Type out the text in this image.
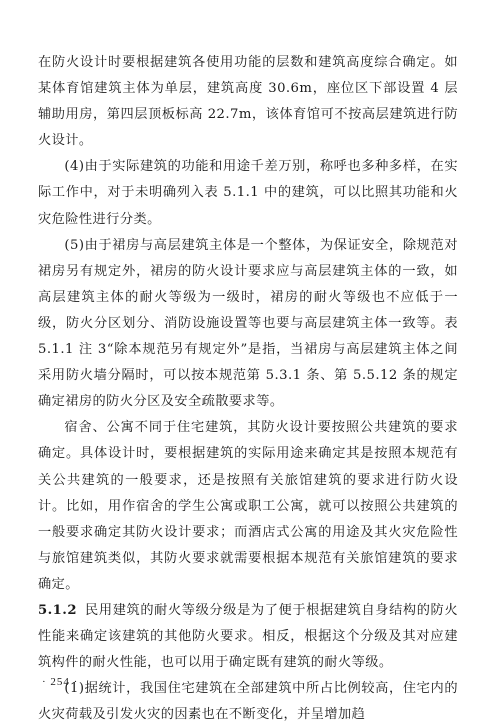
在防火设计时要根据建筑各使用功能的层数和建筑高度综合确定。如某体育馆建筑主体为单层，建筑高度 30.6m，座位区下部设置 4 层辅助用房，第四层顶板标高 22.7m，该体育馆可不按高层建筑进行防火设计。

(4)由于实际建筑的功能和用途千差万别，称呼也多种多样，在实际工作中，对于未明确列入表 5.1.1 中的建筑，可以比照其功能和火灾危险性进行分类。

(5)由于裙房与高层建筑主体是一个整体，为保证安全，除规范对裙房另有规定外，裙房的防火设计要求应与高层建筑主体的一致，如高层建筑主体的耐火等级为一级时，裙房的耐火等级也不应低于一级，防火分区划分、消防设施设置等也要与高层建筑主体一致等。表 5.1.1 注 3“除本规范另有规定外”是指，当裙房与高层建筑主体之间采用防火墙分隔时，可以按本规范第 5.3.1 条、第 5.5.12 条的规定确定裙房的防火分区及安全疏散要求等。

宿舍、公寓不同于住宅建筑，其防火设计要按照公共建筑的要求确定。具体设计时，要根据建筑的实际用途来确定其是按照本规范有关公共建筑的一般要求，还是按照有关旅馆建筑的要求进行防火设计。比如，用作宿舍的学生公寓或职工公寓，就可以按照公共建筑的一般要求确定其防火设计要求；而酒店式公寓的用途及其火灾危险性与旅馆建筑类似，其防火要求就需要根据本规范有关旅馆建筑的要求确定。

5.1.2 民用建筑的耐火等级分级是为了便于根据建筑自身结构的防火性能来确定该建筑的其他防火要求。相反，根据这个分级及其对应建筑构件的耐火性能，也可以用于确定既有建筑的耐火等级。

(1)据统计，我国住宅建筑在全部建筑中所占比例较高，住宅内的火灾荷载及引发火灾的因素也在不断变化，并呈增加趋

· 254 ·
